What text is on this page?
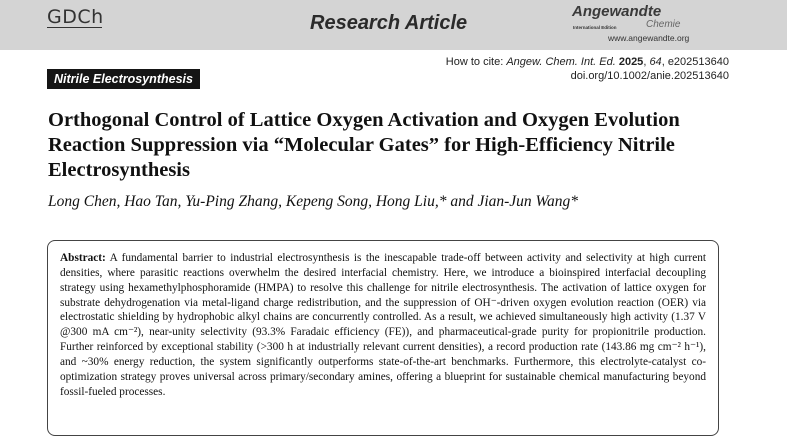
GDCh	Research Article
Angewandte
International Edition	Chemie
www.angewandte.org
How to cite: Angew. Chem. Int. Ed. 2025, 64, e202513640
doi.org/10.1002/anie.202513640
Nitrile Electrosynthesis
Orthogonal Control of Lattice Oxygen Activation and Oxygen Evolution Reaction Suppression via “Molecular Gates” for High-Efficiency Nitrile Electrosynthesis
Long Chen, Hao Tan, Yu-Ping Zhang, Kepeng Song, Hong Liu,* and Jian-Jun Wang*
Abstract: A fundamental barrier to industrial electrosynthesis is the inescapable trade-off between activity and selectivity at high current densities, where parasitic reactions overwhelm the desired interfacial chemistry. Here, we introduce a bioinspired interfacial decoupling strategy using hexamethylphosphoramide (HMPA) to resolve this challenge for nitrile electrosynthesis. The activation of lattice oxygen for substrate dehydrogenation via metal-ligand charge redistribution, and the suppression of OH⁻-driven oxygen evolution reaction (OER) via electrostatic shielding by hydrophobic alkyl chains are concurrently controlled. As a result, we achieved simultaneously high activity (1.37 V @300 mA cm⁻²), near-unity selectivity (93.3% Faradaic efficiency (FE)), and pharmaceutical-grade purity for propionitrile production. Further reinforced by exceptional stability (>300 h at industrially relevant current densities), a record production rate (143.86 mg cm⁻² h⁻¹), and ~30% energy reduction, the system significantly outperforms state-of-the-art benchmarks. Furthermore, this electrolyte-catalyst co-optimization strategy proves universal across primary/secondary amines, offering a blueprint for sustainable chemical manufacturing beyond fossil-fueled processes.
